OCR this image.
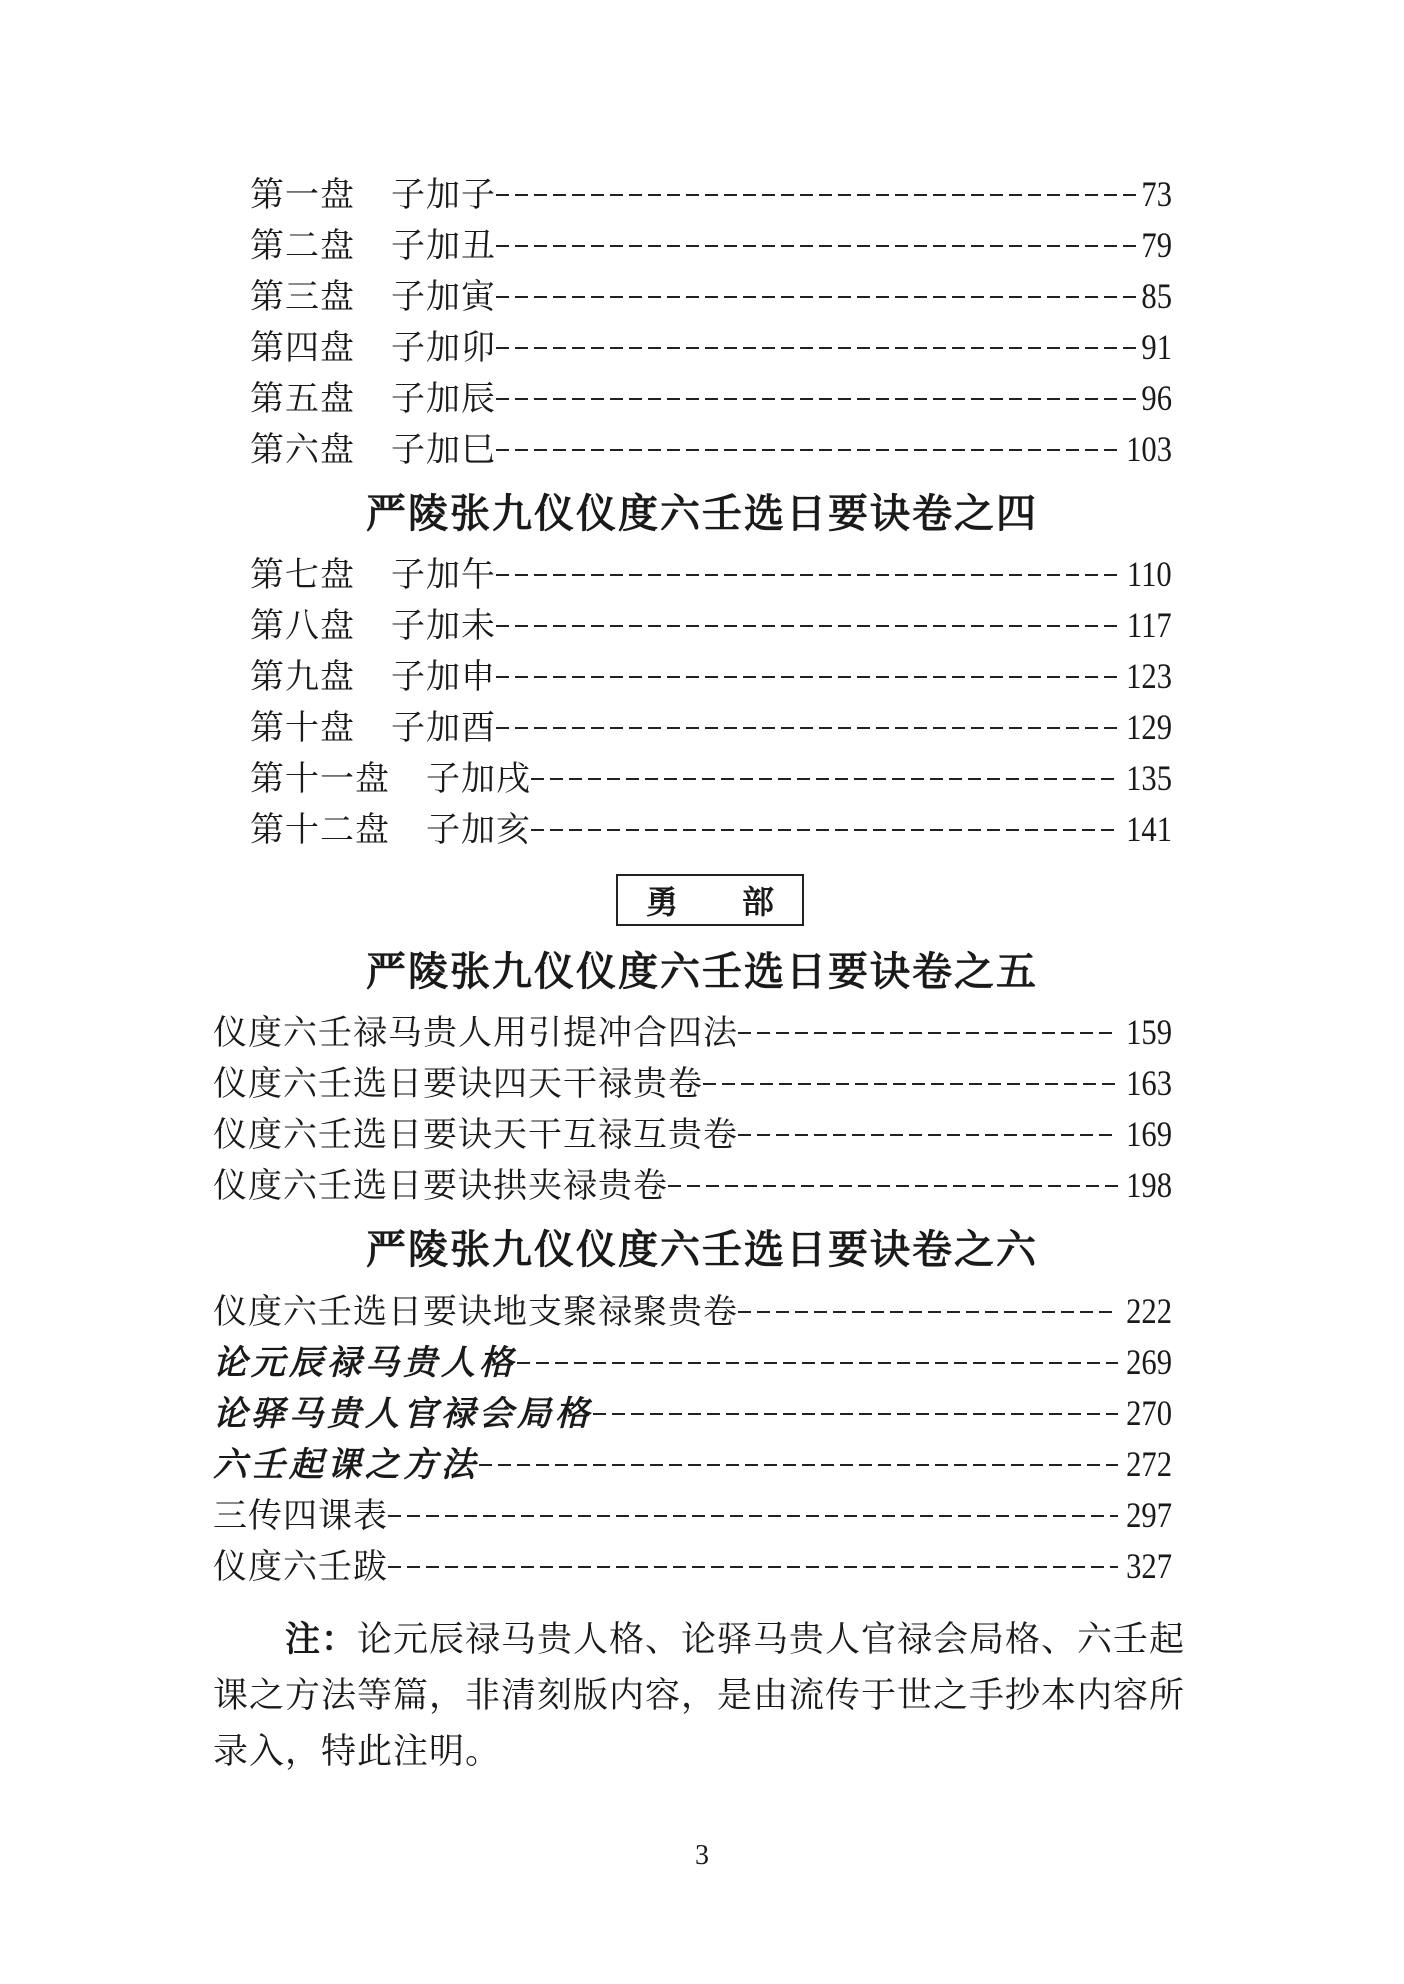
第一盘 子加子	73
第二盘 子加丑	79
第三盘 子加寅	85
第四盘 子加卯	91
第五盘 子加辰	96
第六盘 子加巳	103
严陵张九仪仪度六壬选日要诀卷之四
第七盘 子加午	110
第八盘 子加未	117
第九盘 子加申	123
第十盘 子加酉	129
第十一盘 子加戌	135
第十二盘 子加亥	141
勇 部
严陵张九仪仪度六壬选日要诀卷之五
仪度六壬禄马贵人用引提冲合四法	159
仪度六壬选日要诀四天干禄贵卷	163
仪度六壬选日要诀天干互禄互贵卷	169
仪度六壬选日要诀拱夹禄贵卷	198
严陵张九仪仪度六壬选日要诀卷之六
仪度六壬选日要诀地支聚禄聚贵卷	222
论元辰禄马贵人格	269
论驿马贵人官禄会局格	270
六壬起课之方法	272
三传四课表	297
仪度六壬跋	327
注：论元辰禄马贵人格、论驿马贵人官禄会局格、六壬起课之方法等篇，非清刻版内容，是由流传于世之手抄本内容所录入，特此注明。
3
